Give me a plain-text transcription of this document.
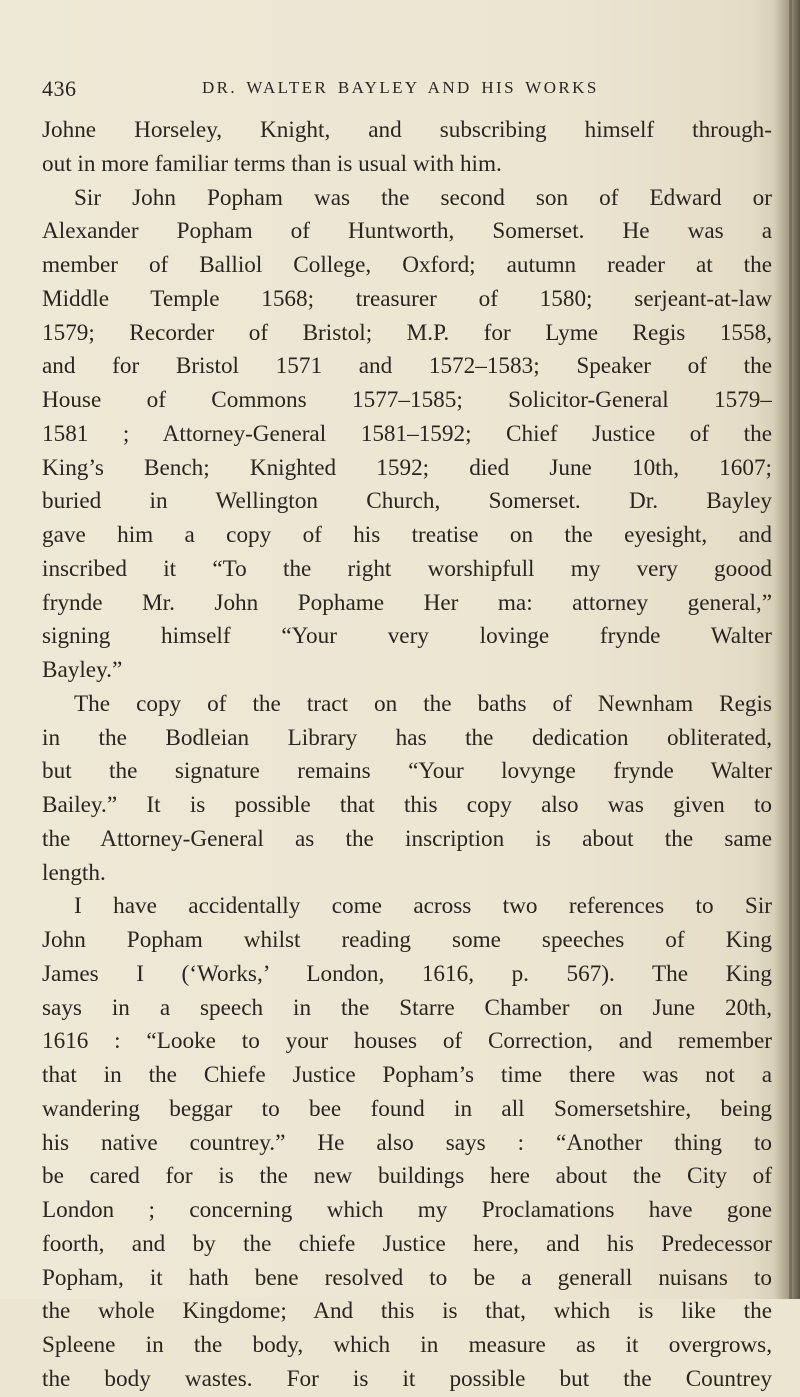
436	DR. WALTER BAYLEY AND HIS WORKS
Johne Horseley, Knight, and subscribing himself through-
out in more familiar terms than is usual with him.
Sir John Popham was the second son of Edward or
Alexander Popham of Huntworth, Somerset. He was a
member of Balliol College, Oxford; autumn reader at the
Middle Temple 1568; treasurer of 1580; serjeant-at-law
1579; Recorder of Bristol; M.P. for Lyme Regis 1558,
and for Bristol 1571 and 1572–1583; Speaker of the
House of Commons 1577–1585; Solicitor-General 1579–
1581 ; Attorney-General 1581–1592; Chief Justice of the
King’s Bench; Knighted 1592; died June 10th, 1607;
buried in Wellington Church, Somerset. Dr. Bayley
gave him a copy of his treatise on the eyesight, and
inscribed it “To the right worshipfull my very goood
frynde Mr. John Pophame Her ma: attorney general,”
signing himself “Your very lovinge frynde Walter
Bayley.”
The copy of the tract on the baths of Newnham Regis
in the Bodleian Library has the dedication obliterated,
but the signature remains “Your lovynge frynde Walter
Bailey.” It is possible that this copy also was given to
the Attorney-General as the inscription is about the same
length.
I have accidentally come across two references to Sir
John Popham whilst reading some speeches of King
James I (‘Works,’ London, 1616, p. 567). The King
says in a speech in the Starre Chamber on June 20th,
1616 : “Looke to your houses of Correction, and remember
that in the Chiefe Justice Popham’s time there was not a
wandering beggar to bee found in all Somersetshire, being
his native countrey.” He also says : “Another thing to
be cared for is the new buildings here about the City of
London ; concerning which my Proclamations have gone
foorth, and by the chiefe Justice here, and his Predecessor
Popham, it hath bene resolved to be a generall nuisans to
the whole Kingdome; And this is that, which is like the
Spleene in the body, which in measure as it overgrows,
the body wastes. For is it possible but the Countrey
